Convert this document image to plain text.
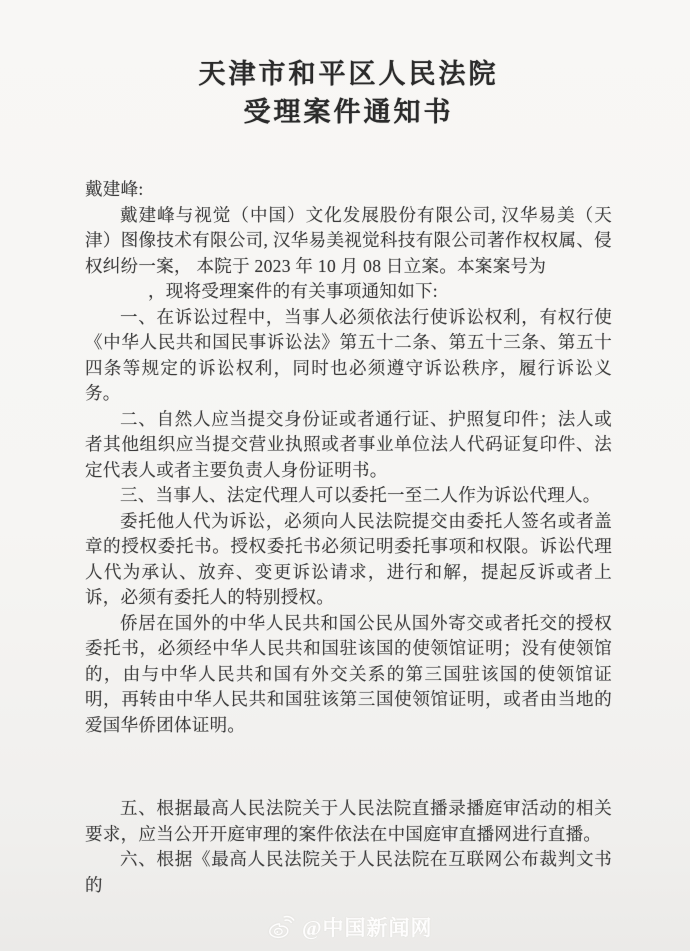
天津市和平区人民法院
受理案件通知书
戴建峰:
戴建峰与视觉（中国）文化发展股份有限公司, 汉华易美（天津）图像技术有限公司, 汉华易美视觉科技有限公司著作权权属、侵权纠纷一案， 本院于 2023 年 10 月 08 日立案。本案案号为
，现将受理案件的有关事项通知如下:
一、在诉讼过程中，当事人必须依法行使诉讼权利，有权行使《中华人民共和国民事诉讼法》第五十二条、第五十三条、第五十四条等规定的诉讼权利，同时也必须遵守诉讼秩序，履行诉讼义务。
二、自然人应当提交身份证或者通行证、护照复印件；法人或者其他组织应当提交营业执照或者事业单位法人代码证复印件、法定代表人或者主要负责人身份证明书。
三、当事人、法定代理人可以委托一至二人作为诉讼代理人。
委托他人代为诉讼，必须向人民法院提交由委托人签名或者盖章的授权委托书。授权委托书必须记明委托事项和权限。诉讼代理人代为承认、放弃、变更诉讼请求，进行和解，提起反诉或者上诉，必须有委托人的特别授权。
侨居在国外的中华人民共和国公民从国外寄交或者托交的授权委托书，必须经中华人民共和国驻该国的使领馆证明；没有使领馆的，由与中华人民共和国有外交关系的第三国驻该国的使领馆证明，再转由中华人民共和国驻该第三国使领馆证明，或者由当地的爱国华侨团体证明。
五、根据最高人民法院关于人民法院直播录播庭审活动的相关要求，应当公开开庭审理的案件依法在中国庭审直播网进行直播。
六、根据《最高人民法院关于人民法院在互联网公布裁判文书的
@中国新闻网
